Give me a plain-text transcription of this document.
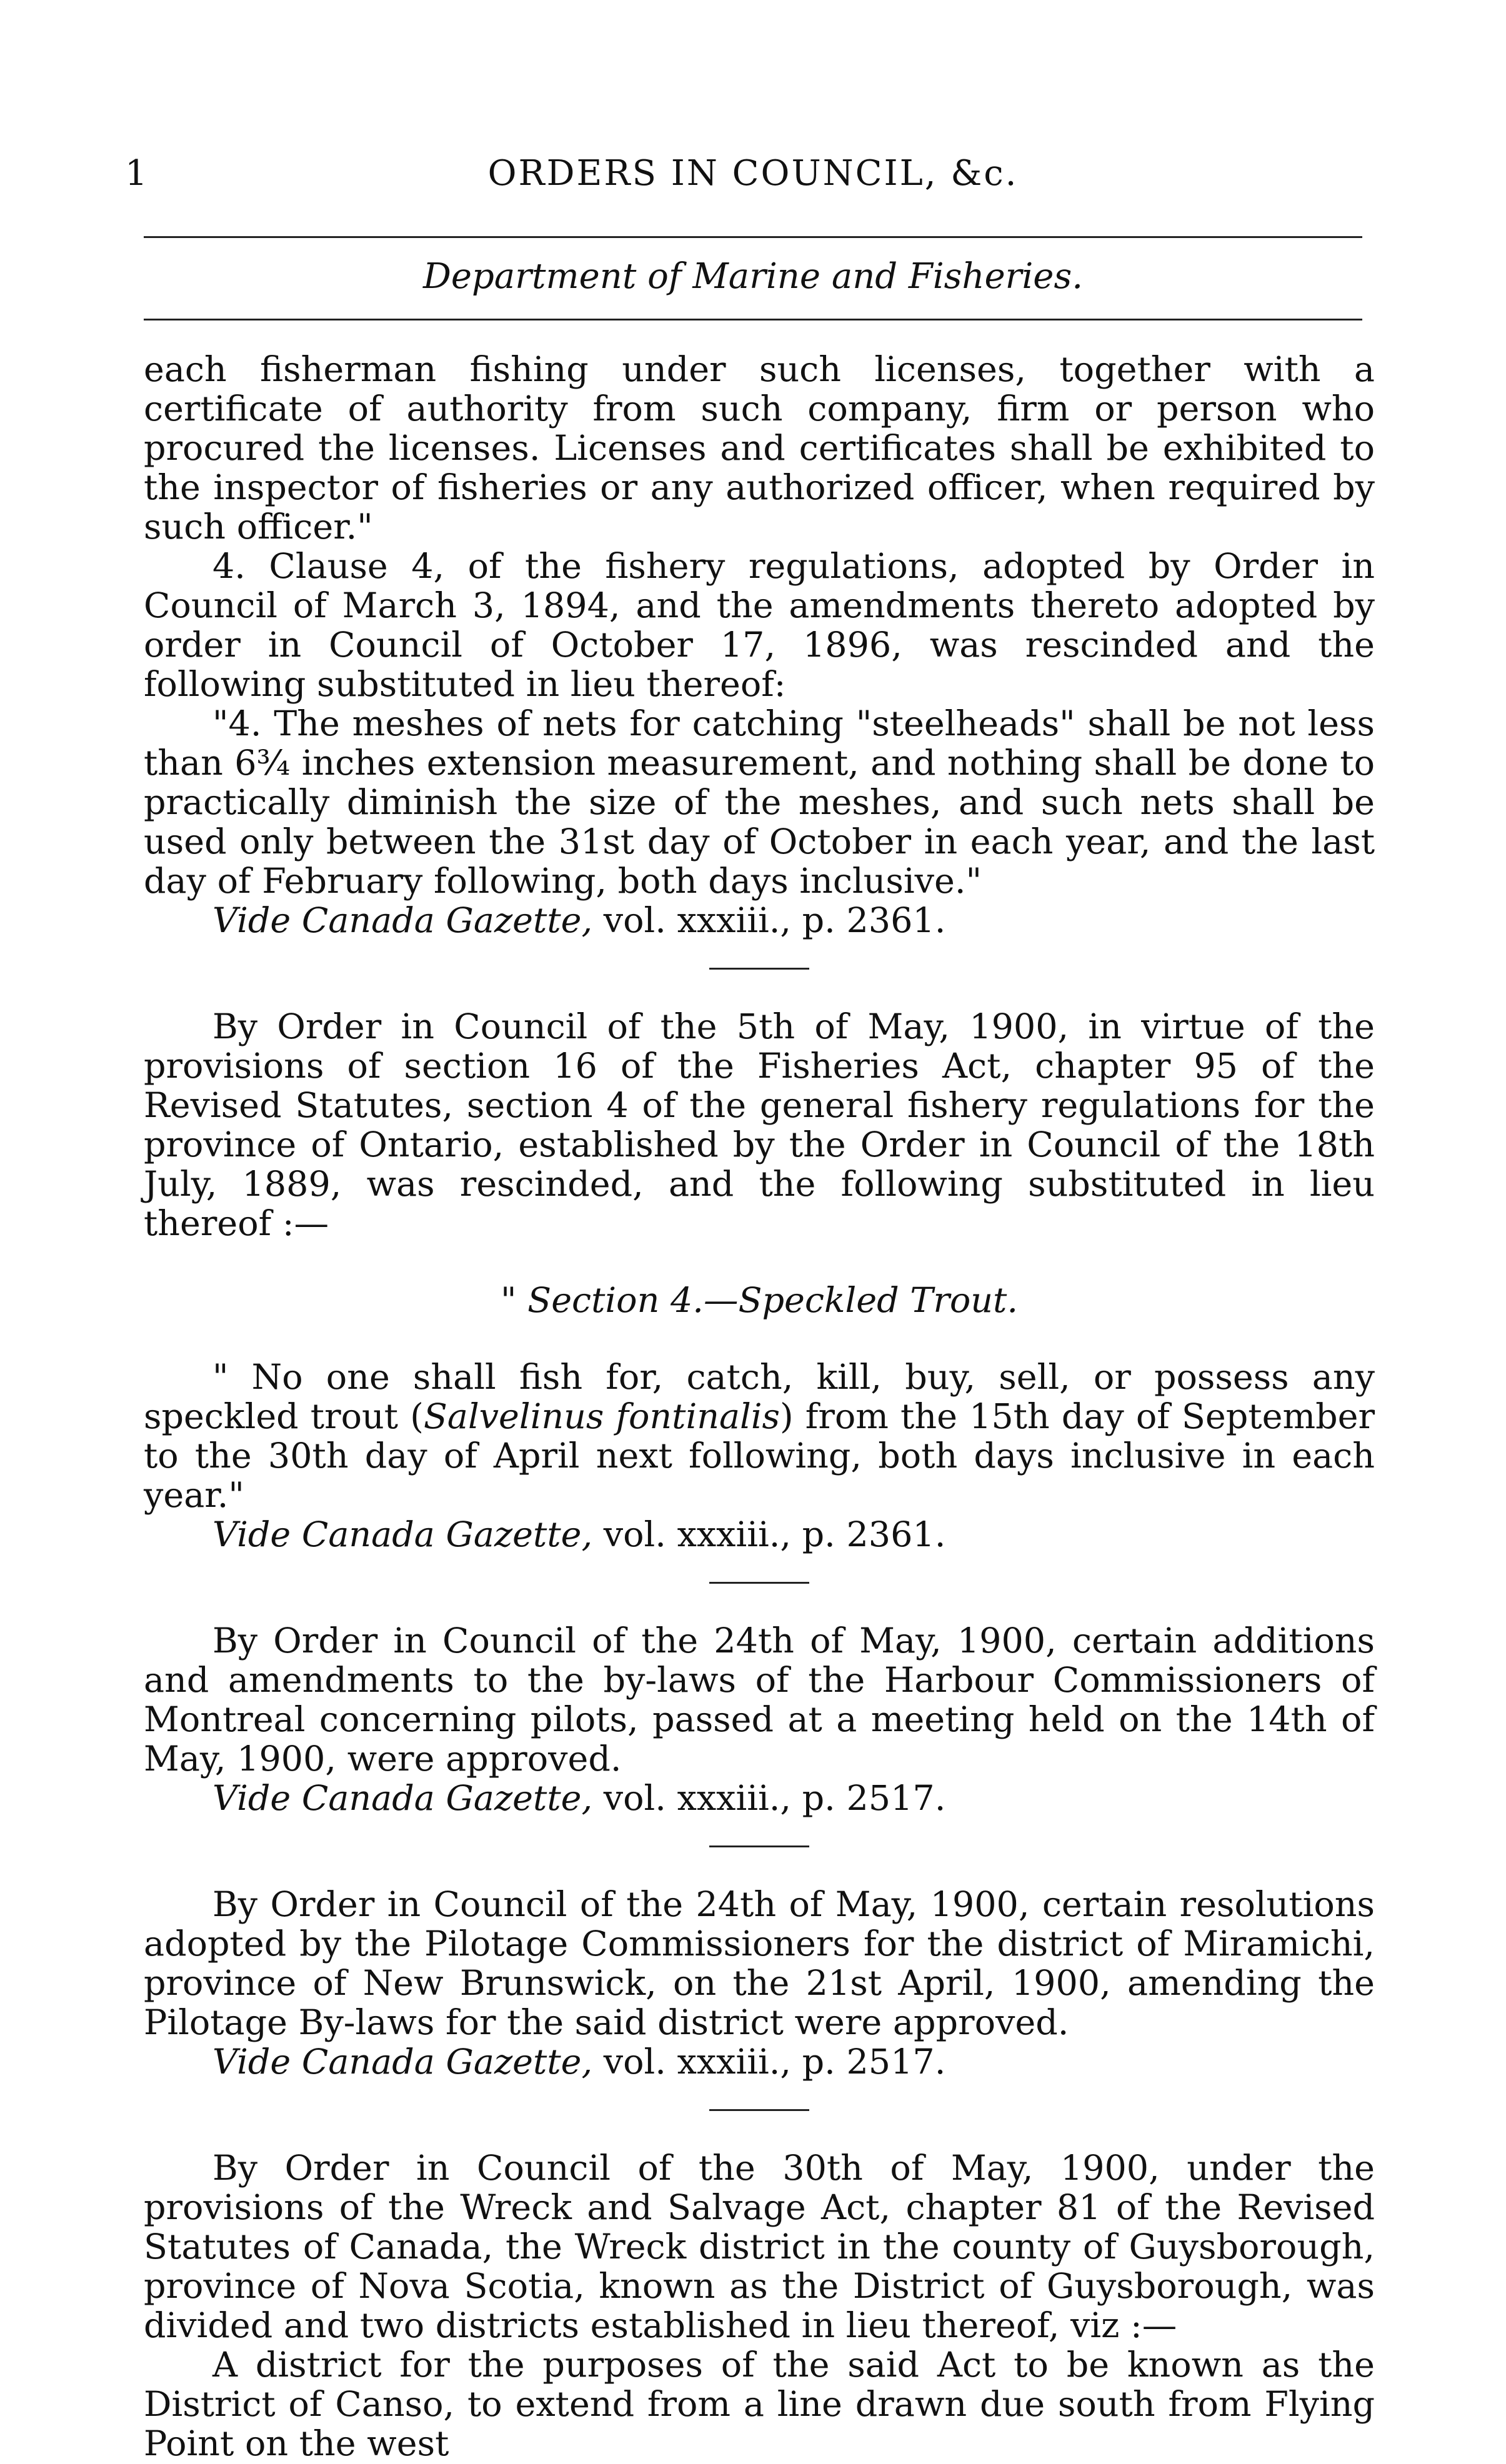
1	ORDERS IN COUNCIL, &c.
Department of Marine and Fisheries.

each fisherman fishing under such licenses, together with a certificate of authority from such company, firm or person who procured the licenses. Licenses and certificates shall be exhibited to the inspector of fisheries or any authorized officer, when required by such officer."

4. Clause 4, of the fishery regulations, adopted by Order in Council of March 3, 1894, and the amendments thereto adopted by order in Council of October 17, 1896, was rescinded and the following substituted in lieu thereof:

"4. The meshes of nets for catching "steelheads" shall be not less than 6¾ inches extension measurement, and nothing shall be done to practically diminish the size of the meshes, and such nets shall be used only between the 31st day of October in each year, and the last day of February following, both days inclusive."

Vide Canada Gazette, vol. xxxiii., p. 2361.

By Order in Council of the 5th of May, 1900, in virtue of the provisions of section 16 of the Fisheries Act, chapter 95 of the Revised Statutes, section 4 of the general fishery regulations for the province of Ontario, established by the Order in Council of the 18th July, 1889, was rescinded, and the following substituted in lieu thereof :—

" Section 4.—Speckled Trout.

" No one shall fish for, catch, kill, buy, sell, or possess any speckled trout (Salvelinus fontinalis) from the 15th day of September to the 30th day of April next following, both days inclusive in each year."

Vide Canada Gazette, vol. xxxiii., p. 2361.

By Order in Council of the 24th of May, 1900, certain additions and amendments to the by-laws of the Harbour Commissioners of Montreal concerning pilots, passed at a meeting held on the 14th of May, 1900, were approved.

Vide Canada Gazette, vol. xxxiii., p. 2517.

By Order in Council of the 24th of May, 1900, certain resolutions adopted by the Pilotage Commissioners for the district of Miramichi, province of New Brunswick, on the 21st April, 1900, amending the Pilotage By-laws for the said district were approved.

Vide Canada Gazette, vol. xxxiii., p. 2517.

By Order in Council of the 30th of May, 1900, under the provisions of the Wreck and Salvage Act, chapter 81 of the Revised Statutes of Canada, the Wreck district in the county of Guysborough, province of Nova Scotia, known as the District of Guysborough, was divided and two districts established in lieu thereof, viz :—

A district for the purposes of the said Act to be known as the District of Canso, to extend from a line drawn due south from Flying Point on the west
